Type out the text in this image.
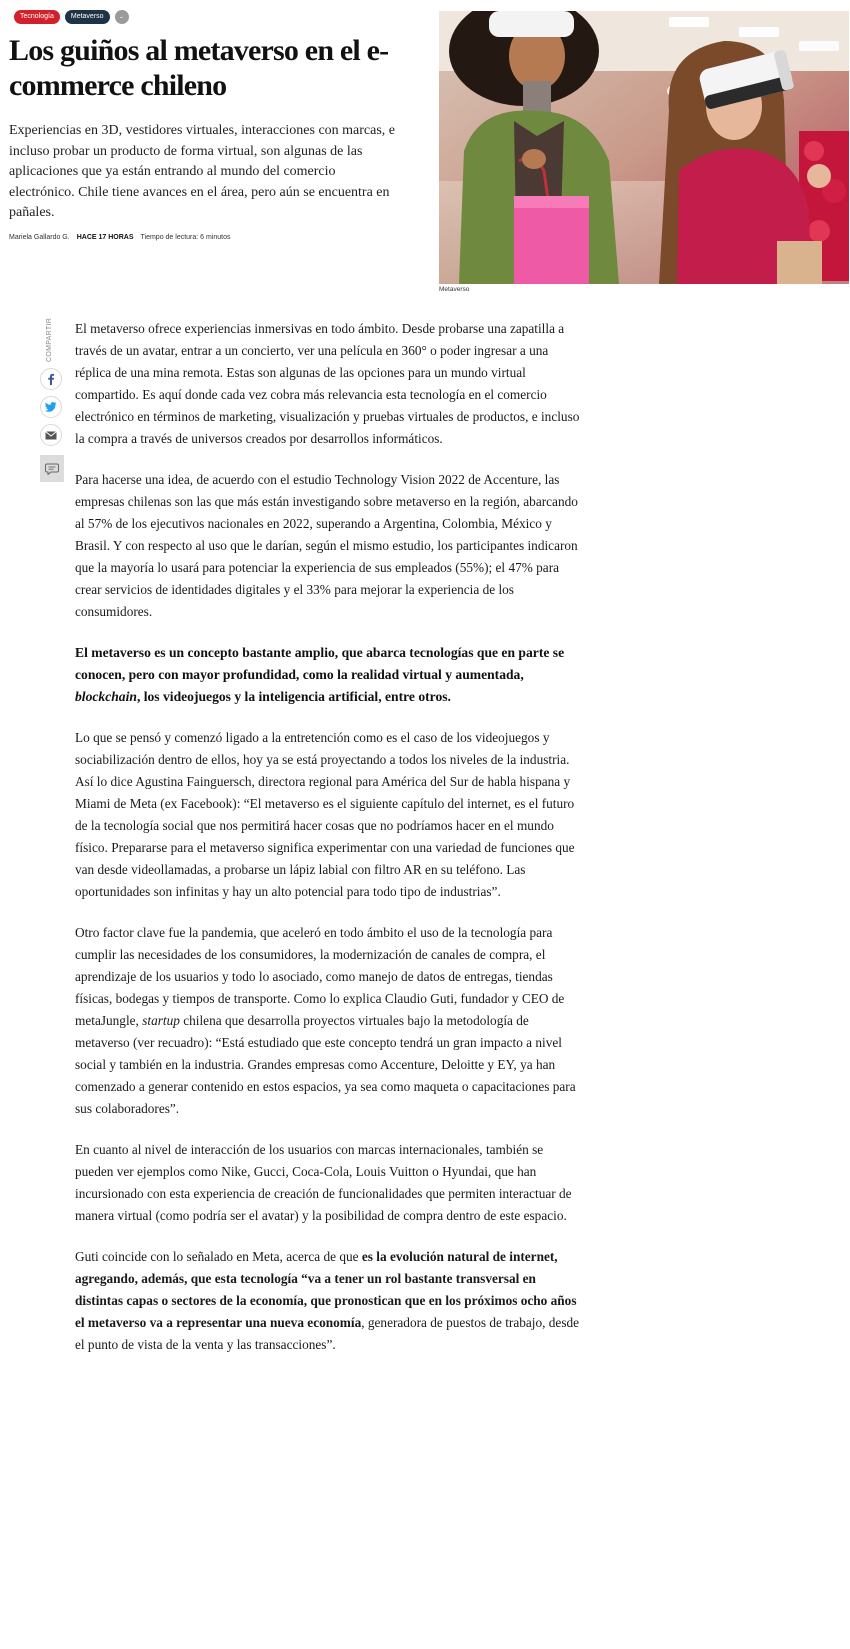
Tecnología	Metaverso	...
Los guiños al metaverso en el e-commerce chileno

Experiencias en 3D, vestidores virtuales, interacciones con marcas, e incluso probar un producto de forma virtual, son algunas de las aplicaciones que ya están entrando al mundo del comercio electrónico. Chile tiene avances en el área, pero aún se encuentra en pañales.

Mariela Gallardo G. HACE 17 HORAS Tiempo de lectura: 6 minutos
Metaverso
COMPARTIR El metaverso ofrece experiencias inmersivas en todo ámbito. Desde probarse una zapatilla a través de un avatar, entrar a un concierto, ver una película en 360° o poder ingresar a una réplica de una mina remota. Estas son algunas de las opciones para un mundo virtual compartido. Es aquí donde cada vez cobra más relevancia esta tecnología en el comercio electrónico en términos de marketing, visualización y pruebas virtuales de productos, e incluso la compra a través de universos creados por desarrollos informáticos.

Para hacerse una idea, de acuerdo con el estudio Technology Vision 2022 de Accenture, las empresas chilenas son las que más están investigando sobre metaverso en la región, abarcando al 57% de los ejecutivos nacionales en 2022, superando a Argentina, Colombia, México y Brasil. Y con respecto al uso que le darían, según el mismo estudio, los participantes indicaron que la mayoría lo usará para potenciar la experiencia de sus empleados (55%); el 47% para crear servicios de identidades digitales y el 33% para mejorar la experiencia de los consumidores.

El metaverso es un concepto bastante amplio, que abarca tecnologías que en parte se conocen, pero con mayor profundidad, como la realidad virtual y aumentada, blockchain, los videojuegos y la inteligencia artificial, entre otros.

Lo que se pensó y comenzó ligado a la entretención como es el caso de los videojuegos y sociabilización dentro de ellos, hoy ya se está proyectando a todos los niveles de la industria. Así lo dice Agustina Fainguersch, directora regional para América del Sur de habla hispana y Miami de Meta (ex Facebook): “El metaverso es el siguiente capítulo del internet, es el futuro de la tecnología social que nos permitirá hacer cosas que no podríamos hacer en el mundo físico. Prepararse para el metaverso significa experimentar con una variedad de funciones que van desde videollamadas, a probarse un lápiz labial con filtro AR en su teléfono. Las oportunidades son infinitas y hay un alto potencial para todo tipo de industrias”.

Otro factor clave fue la pandemia, que aceleró en todo ámbito el uso de la tecnología para cumplir las necesidades de los consumidores, la modernización de canales de compra, el aprendizaje de los usuarios y todo lo asociado, como manejo de datos de entregas, tiendas físicas, bodegas y tiempos de transporte. Como lo explica Claudio Guti, fundador y CEO de metaJungle, startup chilena que desarrolla proyectos virtuales bajo la metodología de metaverso (ver recuadro): “Está estudiado que este concepto tendrá un gran impacto a nivel social y también en la industria. Grandes empresas como Accenture, Deloitte y EY, ya han comenzado a generar contenido en estos espacios, ya sea como maqueta o capacitaciones para sus colaboradores”.

En cuanto al nivel de interacción de los usuarios con marcas internacionales, también se pueden ver ejemplos como Nike, Gucci, Coca-Cola, Louis Vuitton o Hyundai, que han incursionado con esta experiencia de creación de funcionalidades que permiten interactuar de manera virtual (como podría ser el avatar) y la posibilidad de compra dentro de este espacio.

Guti coincide con lo señalado en Meta, acerca de que es la evolución natural de internet, agregando, además, que esta tecnología “va a tener un rol bastante transversal en distintas capas o sectores de la economía, que pronostican que en los próximos ocho años el metaverso va a representar una nueva economía, generadora de puestos de trabajo, desde el punto de vista de la venta y las transacciones”.
